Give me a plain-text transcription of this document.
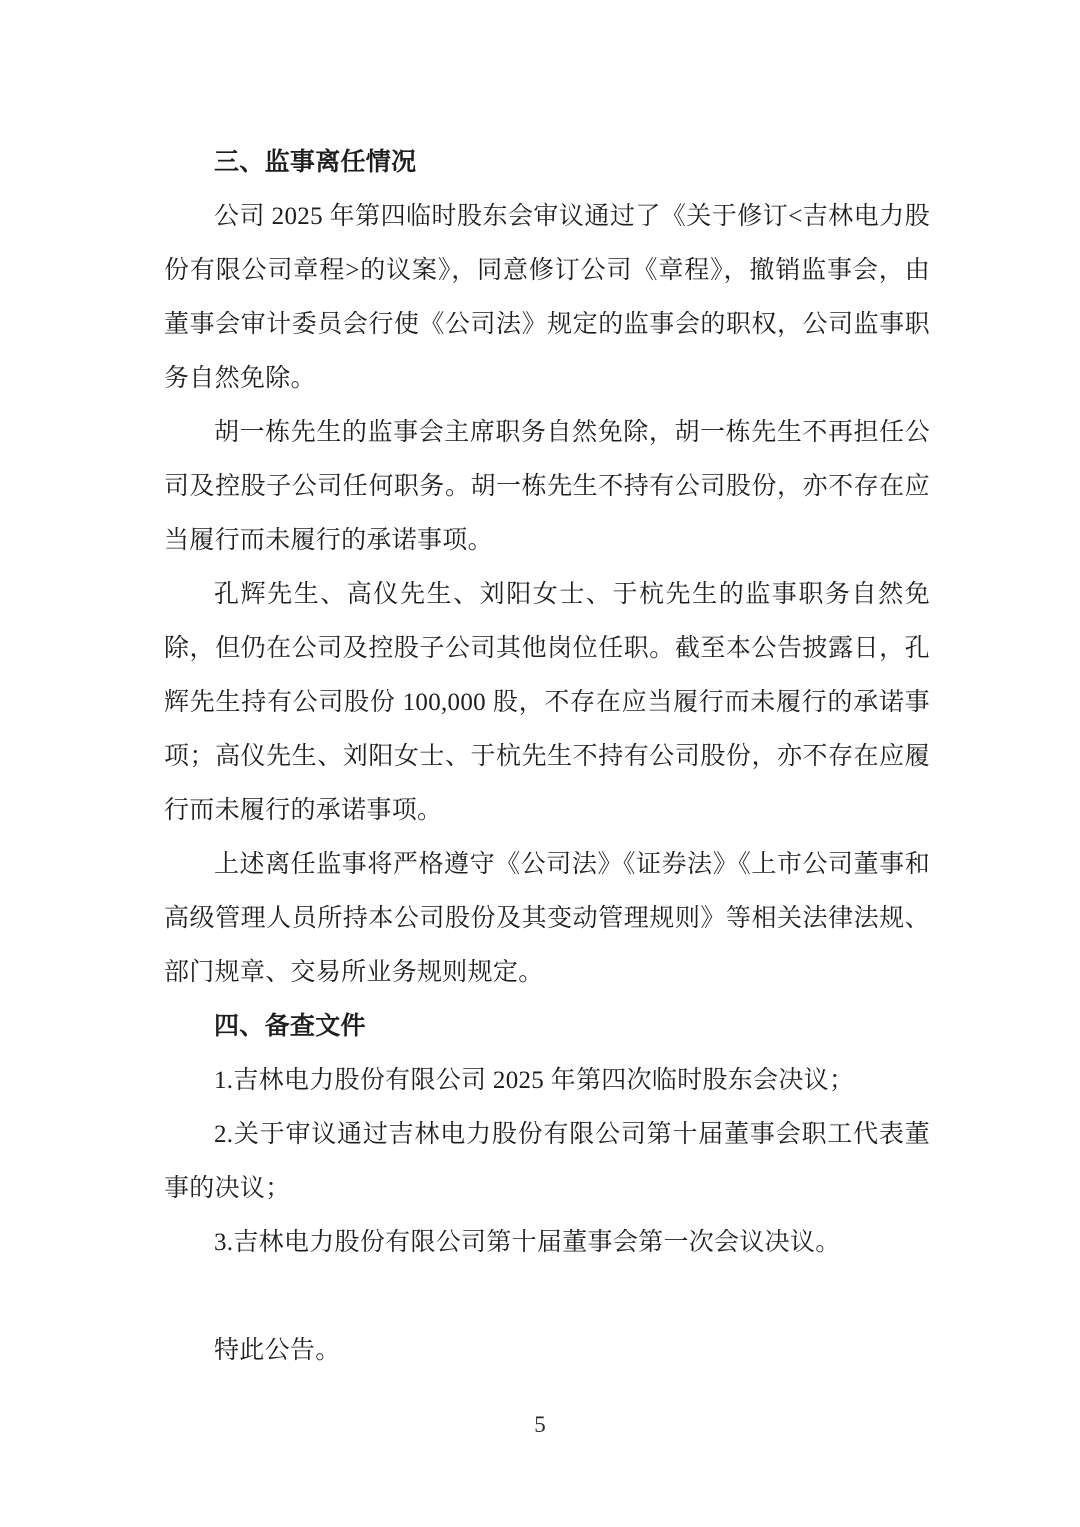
三、监事离任情况

公司 2025 年第四临时股东会审议通过了《关于修订<吉林电力股份有限公司章程>的议案》，同意修订公司《章程》，撤销监事会，由董事会审计委员会行使《公司法》规定的监事会的职权，公司监事职务自然免除。

胡一栋先生的监事会主席职务自然免除，胡一栋先生不再担任公司及控股子公司任何职务。胡一栋先生不持有公司股份，亦不存在应当履行而未履行的承诺事项。

孔辉先生、高仪先生、刘阳女士、于杭先生的监事职务自然免除，但仍在公司及控股子公司其他岗位任职。截至本公告披露日，孔辉先生持有公司股份 100,000 股，不存在应当履行而未履行的承诺事项；高仪先生、刘阳女士、于杭先生不持有公司股份，亦不存在应履行而未履行的承诺事项。

上述离任监事将严格遵守《公司法》《证券法》《上市公司董事和高级管理人员所持本公司股份及其变动管理规则》等相关法律法规、部门规章、交易所业务规则规定。

四、备查文件

1.吉林电力股份有限公司 2025 年第四次临时股东会决议；

2.关于审议通过吉林电力股份有限公司第十届董事会职工代表董事的决议；

3.吉林电力股份有限公司第十届董事会第一次会议决议。

特此公告。

5
